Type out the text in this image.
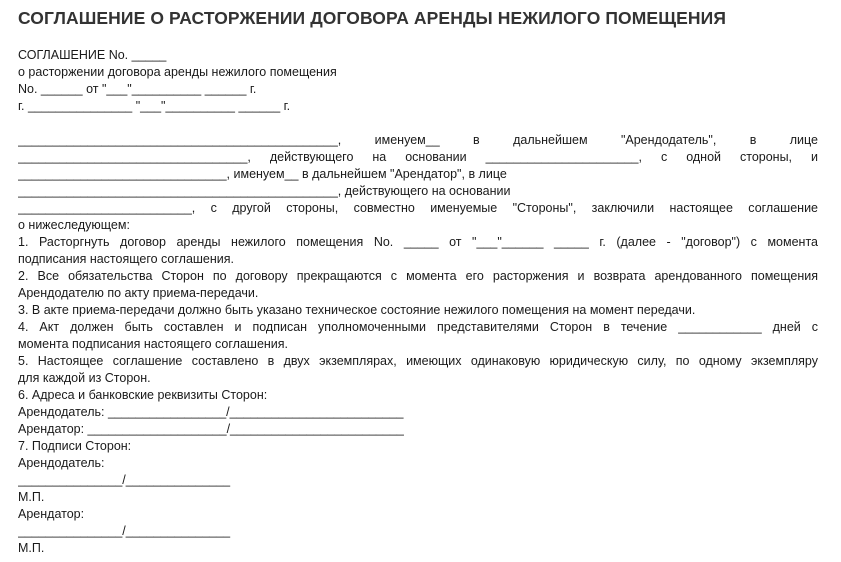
СОГЛАШЕНИЕ О РАСТОРЖЕНИИ ДОГОВОРА АРЕНДЫ НЕЖИЛОГО ПОМЕЩЕНИЯ
СОГЛАШЕНИЕ No. _____
о расторжении договора аренды нежилого помещения
No. ______ от "___"__________ ______ г.
г. _______________ "___"__________ ______ г.
______________________________________________, именуем__ в дальнейшем "Арендодатель", в лице
_________________________________, действующего на основании ______________________, с одной стороны, и
______________________________, именуем__ в дальнейшем "Арендатор", в лице
______________________________________________, действующего на основании
_________________________, с другой стороны, совместно именуемые "Стороны", заключили настоящее соглашение
о нижеследующем:
1. Расторгнуть договор аренды нежилого помещения No. _____ от "___"______ _____ г. (далее - "договор") с момента
подписания настоящего соглашения.
2. Все обязательства Сторон по договору прекращаются с момента его расторжения и возврата арендованного помещения
Арендодателю по акту приема-передачи.
3. В акте приема-передачи должно быть указано техническое состояние нежилого помещения на момент передачи.
4. Акт должен быть составлен и подписан уполномоченными представителями Сторон в течение ____________ дней с
момента подписания настоящего соглашения.
5. Настоящее соглашение составлено в двух экземплярах, имеющих одинаковую юридическую силу, по одному экземпляру
для каждой из Сторон.
6. Адреса и банковские реквизиты Сторон:
Арендодатель: _________________/_________________________
Арендатор: ____________________/_________________________
7. Подписи Сторон:
Арендодатель:
_______________/_______________
М.П.
Арендатор:
_______________/_______________
М.П.
